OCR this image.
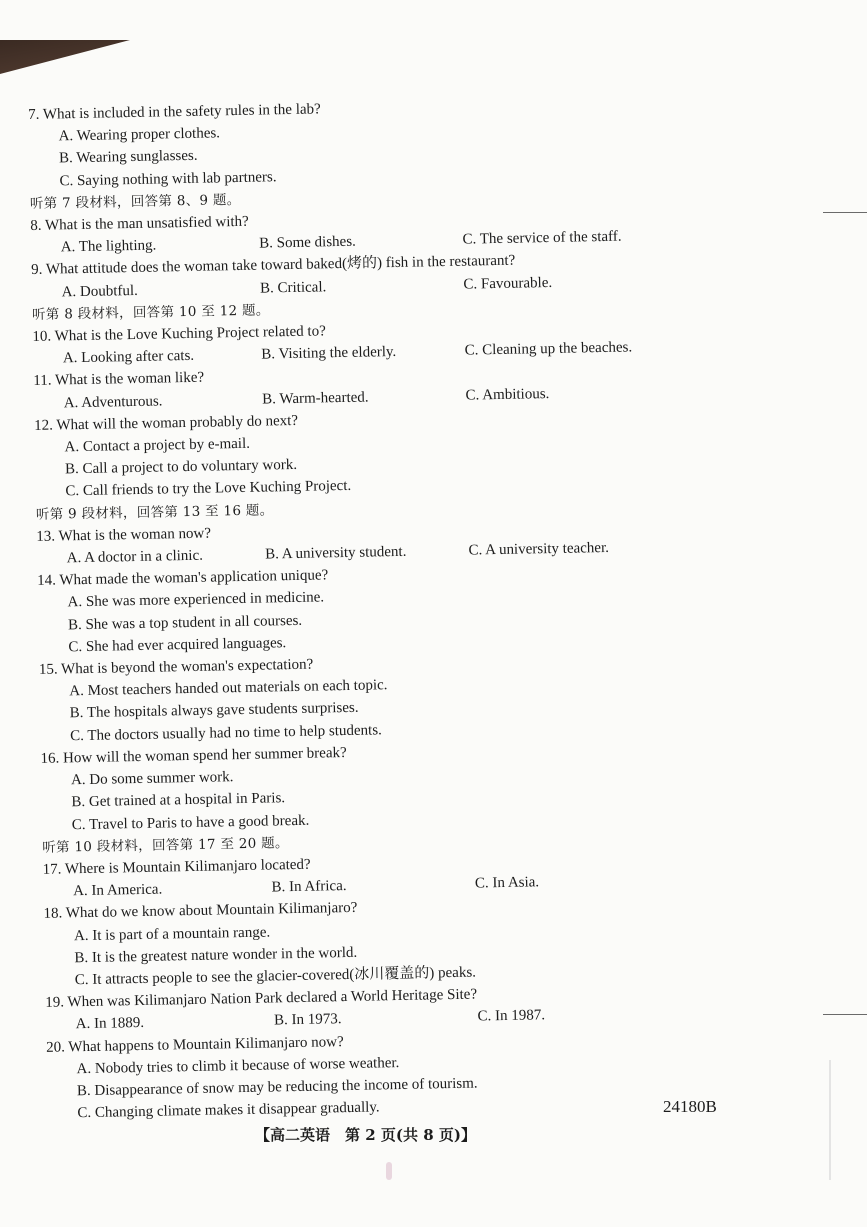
7. What is included in the safety rules in the lab?
A. Wearing proper clothes.
B. Wearing sunglasses.
C. Saying nothing with lab partners.
听第 7 段材料，回答第 8、9 题。
8. What is the man unsatisfied with?
A. The lighting.	B. Some dishes.	C. The service of the staff.
9. What attitude does the woman take toward baked(烤的) fish in the restaurant?
A. Doubtful.	B. Critical.	C. Favourable.
听第 8 段材料，回答第 10 至 12 题。
10. What is the Love Kuching Project related to?
A. Looking after cats.	B. Visiting the elderly.	C. Cleaning up the beaches.
11. What is the woman like?
A. Adventurous.	B. Warm-hearted.	C. Ambitious.
12. What will the woman probably do next?
A. Contact a project by e-mail.
B. Call a project to do voluntary work.
C. Call friends to try the Love Kuching Project.
听第 9 段材料，回答第 13 至 16 题。
13. What is the woman now?
A. A doctor in a clinic.	B. A university student.	C. A university teacher.
14. What made the woman's application unique?
A. She was more experienced in medicine.
B. She was a top student in all courses.
C. She had ever acquired languages.
15. What is beyond the woman's expectation?
A. Most teachers handed out materials on each topic.
B. The hospitals always gave students surprises.
C. The doctors usually had no time to help students.
16. How will the woman spend her summer break?
A. Do some summer work.
B. Get trained at a hospital in Paris.
C. Travel to Paris to have a good break.
听第 10 段材料，回答第 17 至 20 题。
17. Where is Mountain Kilimanjaro located?
A. In America.	B. In Africa.	C. In Asia.
18. What do we know about Mountain Kilimanjaro?
A. It is part of a mountain range.
B. It is the greatest nature wonder in the world.
C. It attracts people to see the glacier-covered(冰川覆盖的) peaks.
19. When was Kilimanjaro Nation Park declared a World Heritage Site?
A. In 1889.	B. In 1973.	C. In 1987.
20. What happens to Mountain Kilimanjaro now?
A. Nobody tries to climb it because of worse weather.
B. Disappearance of snow may be reducing the income of tourism.
C. Changing climate makes it disappear gradually.	24180B
【高二英语　第 2 页(共 8 页)】
